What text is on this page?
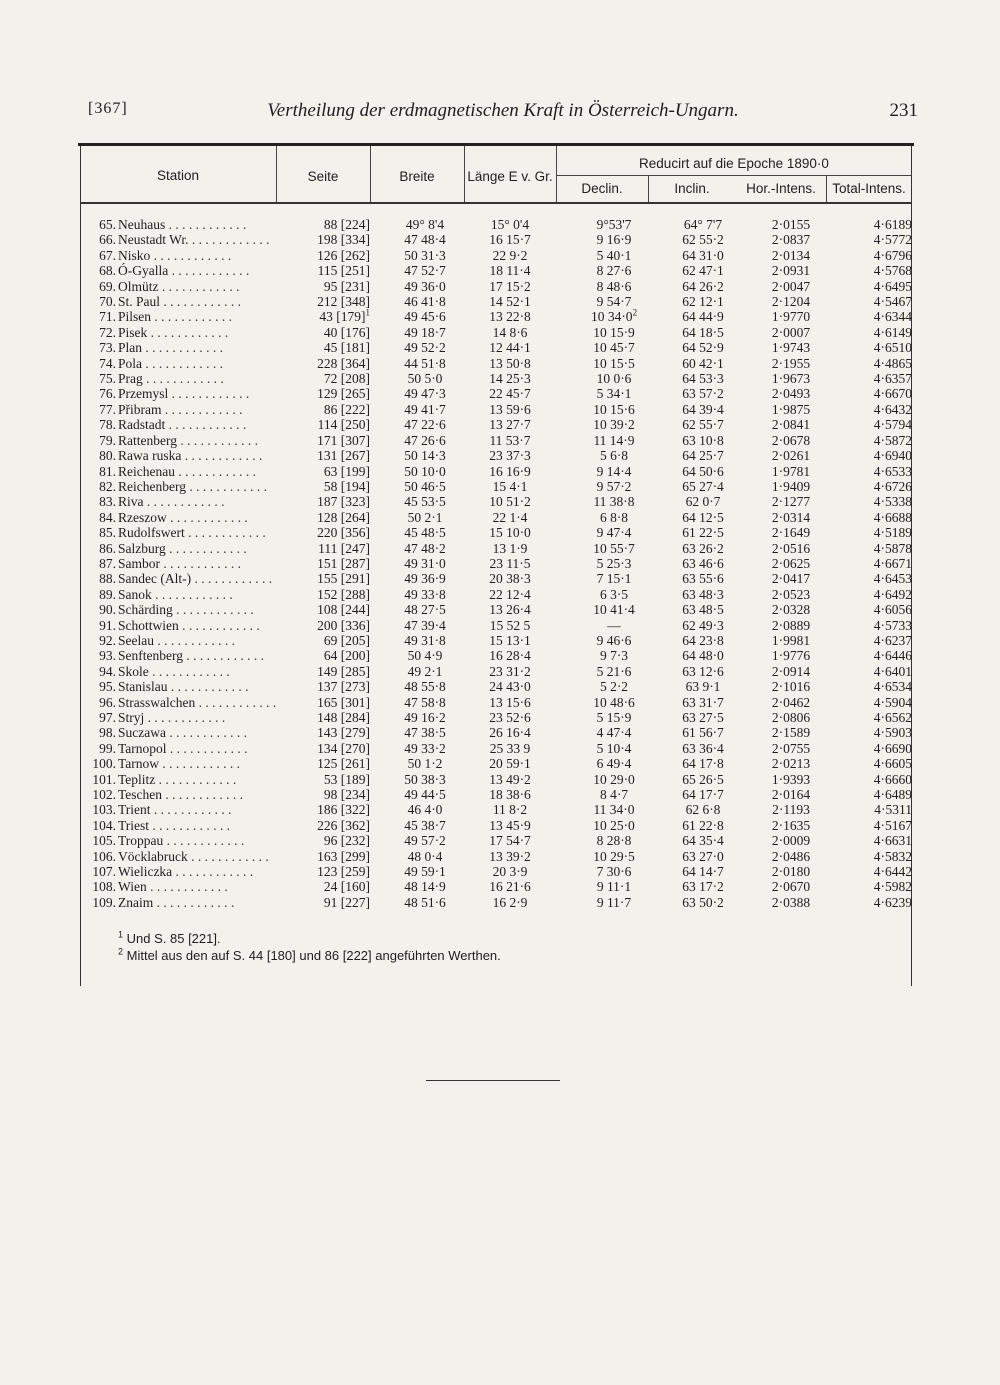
[367]	Vertheilung der erdmagnetischen Kraft in Österreich-Ungarn.	231
Station	Seite	Breite	Länge E v. Gr.
Reducirt auf die Epoche 1890·0
Declin.	Inclin.	Hor.-Intens.	Total-Intens.
65. Neuhaus . . . . . . . . . . . .	88 [224]	49° 8'4	15° 0'4	9°53'7	64° 7'7	2·0155	4·6189
66. Neustadt Wr. . . . . . . . . . . . .	198 [334]	47 48·4	16 15·7	9 16·9	62 55·2	2·0837	4·5772
67. Nisko . . . . . . . . . . . .	126 [262]	50 31·3	22 9·2	5 40·1	64 31·0	2·0134	4·6796
68. Ó-Gyalla . . . . . . . . . . . .	115 [251]	47 52·7	18 11·4	8 27·6	62 47·1	2·0931	4·5768
69. Olmütz . . . . . . . . . . . .	95 [231]	49 36·0	17 15·2	8 48·6	64 26·2	2·0047	4·6495
70. St. Paul . . . . . . . . . . . .	212 [348]	46 41·8	14 52·1	9 54·7	62 12·1	2·1204	4·5467
71. Pilsen . . . . . . . . . . . .	43 $[179]^1$	49 45·6	13 22·8	10 $34\cdot 0^2$	64 44·9	1·9770	4·6344
72. Pisek . . . . . . . . . . . .	40 [176]	49 18·7	14 8·6	10 15·9	64 18·5	2·0007	4·6149
73. Plan . . . . . . . . . . . .	45 [181]	49 52·2	12 44·1	10 45·7	64 52·9	1·9743	4·6510
74. Pola . . . . . . . . . . . .	228 [364]	44 51·8	13 50·8	10 15·5	60 42·1	2·1955	4·4865
75. Prag . . . . . . . . . . . .	72 [208]	50 5·0	14 25·3	10 0·6	64 53·3	1·9673	4·6357
76. Przemysl . . . . . . . . . . . .	129 [265]	49 47·3	22 45·7	5 34·1	63 57·2	2·0493	4·6670
77. Přibram . . . . . . . . . . . .	86 [222]	49 41·7	13 59·6	10 15·6	64 39·4	1·9875	4·6432
78. Radstadt . . . . . . . . . . . .	114 [250]	47 22·6	13 27·7	10 39·2	62 55·7	2·0841	4·5794
79. Rattenberg . . . . . . . . . . . .	171 [307]	47 26·6	11 53·7	11 14·9	63 10·8	2·0678	4·5872
80. Rawa ruska . . . . . . . . . . . .	131 [267]	50 14·3	23 37·3	5 6·8	64 25·7	2·0261	4·6940
81. Reichenau . . . . . . . . . . . .	63 [199]	50 10·0	16 16·9	9 14·4	64 50·6	1·9781	4·6533
82. Reichenberg . . . . . . . . . . . .	58 [194]	50 46·5	15 4·1	9 57·2	65 27·4	1·9409	4·6726
83. Riva . . . . . . . . . . . .	187 [323]	45 53·5	10 51·2	11 38·8	62 0·7	2·1277	4·5338
84. Rzeszow . . . . . . . . . . . .	128 [264]	50 2·1	22 1·4	6 8·8	64 12·5	2·0314	4·6688
85. Rudolfswert . . . . . . . . . . . .	220 [356]	45 48·5	15 10·0	9 47·4	61 22·5	2·1649	4·5189
86. Salzburg . . . . . . . . . . . .	111 [247]	47 48·2	13 1·9	10 55·7	63 26·2	2·0516	4·5878
87. Sambor . . . . . . . . . . . .	151 [287]	49 31·0	23 11·5	5 25·3	63 46·6	2·0625	4·6671
88. Sandec (Alt-) . . . . . . . . . . . .	155 [291]	49 36·9	20 38·3	7 15·1	63 55·6	2·0417	4·6453
89. Sanok . . . . . . . . . . . .	152 [288]	49 33·8	22 12·4	6 3·5	63 48·3	2·0523	4·6492
90. Schärding . . . . . . . . . . . .	108 [244]	48 27·5	13 26·4	10 41·4	63 48·5	2·0328	4·6056
91. Schottwien . . . . . . . . . . . .	200 [336]	47 39·4	15 52 5	—	62 49·3	2·0889	4·5733
92. Seelau . . . . . . . . . . . .	69 [205]	49 31·8	15 13·1	9 46·6	64 23·8	1·9981	4·6237
93. Senftenberg . . . . . . . . . . . .	64 [200]	50 4·9	16 28·4	9 7·3	64 48·0	1·9776	4·6446
94. Skole . . . . . . . . . . . .	149 [285]	49 2·1	23 31·2	5 21·6	63 12·6	2·0914	4·6401
95. Stanislau . . . . . . . . . . . .	137 [273]	48 55·8	24 43·0	5 2·2	63 9·1	2·1016	4·6534
96. Strasswalchen . . . . . . . . . . . .	165 [301]	47 58·8	13 15·6	10 48·6	63 31·7	2·0462	4·5904
97. Stryj . . . . . . . . . . . .	148 [284]	49 16·2	23 52·6	5 15·9	63 27·5	2·0806	4·6562
98. Suczawa . . . . . . . . . . . .	143 [279]	47 38·5	26 16·4	4 47·4	61 56·7	2·1589	4·5903
99. Tarnopol . . . . . . . . . . . .	134 [270]	49 33·2	25 33 9	5 10·4	63 36·4	2·0755	4·6690
100. Tarnow . . . . . . . . . . . .	125 [261]	50 1·2	20 59·1	6 49·4	64 17·8	2·0213	4·6605
101. Teplitz . . . . . . . . . . . .	53 [189]	50 38·3	13 49·2	10 29·0	65 26·5	1·9393	4·6660
102. Teschen . . . . . . . . . . . .	98 [234]	49 44·5	18 38·6	8 4·7	64 17·7	2·0164	4·6489
103. Trient . . . . . . . . . . . .	186 [322]	46 4·0	11 8·2	11 34·0	62 6·8	2·1193	4·5311
104. Triest . . . . . . . . . . . .	226 [362]	45 38·7	13 45·9	10 25·0	61 22·8	2·1635	4·5167
105. Troppau . . . . . . . . . . . .	96 [232]	49 57·2	17 54·7	8 28·8	64 35·4	2·0009	4·6631
106. Vöcklabruck . . . . . . . . . . . .	163 [299]	48 0·4	13 39·2	10 29·5	63 27·0	2·0486	4·5832
107. Wieliczka . . . . . . . . . . . .	123 [259]	49 59·1	20 3·9	7 30·6	64 14·7	2·0180	4·6442
108. Wien . . . . . . . . . . . .	24 [160]	48 14·9	16 21·6	9 11·1	63 17·2	2·0670	4·5982
109. Znaim . . . . . . . . . . . .	91 [227]	48 51·6	16 2·9	9 11·7	63 50·2	2·0388	4·6239
$^1$ Und S. 85 [221].
$^2$ Mittel aus den auf S. 44 [180] und 86 [222] angeführten Werthen.
